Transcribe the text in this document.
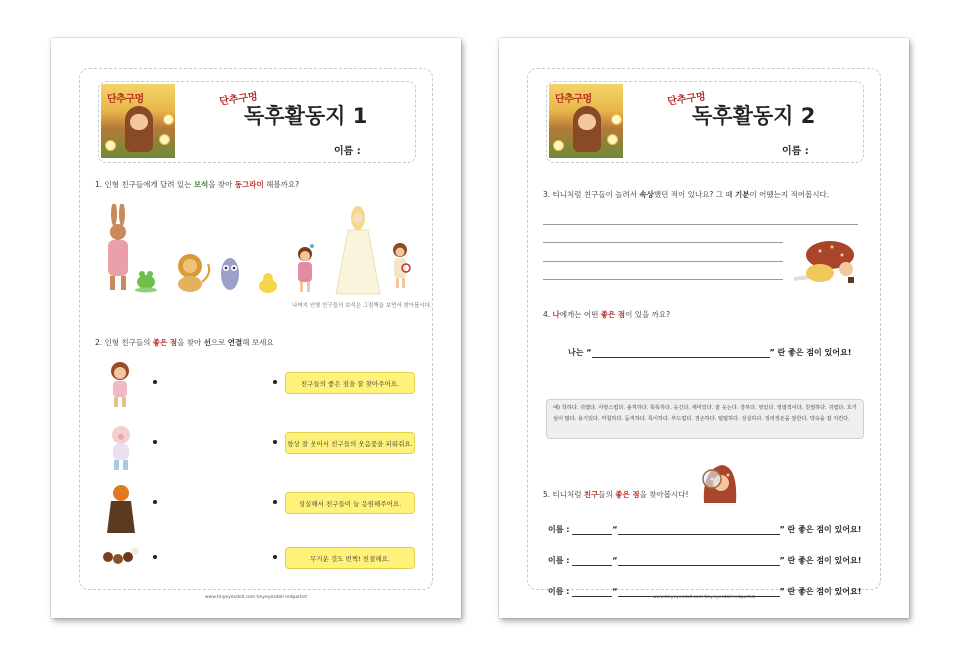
단추구멍	단추구멍
독후활동지 1
이름 :
1. 인형 친구들에게 달려 있는 보석을 찾아 동그라미 해볼까요?
나머지 인형 친구들의 보석은 그림책을 보면서 찾아봅시다.
2. 인형 친구들의 좋은 점을 찾아 선으로 연결해 보세요
친구들의 좋은 점을 잘 찾아주어요.
항상 잘 웃어서 친구들의 웃음꽃을 피워줘요.
성실해서 친구들이 늘 응원해주어요.
무거운 것도 번쩍! 친절해요.
www.tinyeyesdoll.com tinyeyesdoll redpartist
단추구멍	단추구멍
독후활동지 2
이름 :
3. 티니처럼 친구들이 놀려서 속상했던 적이 있나요? 그 때 기분이 어땠는지 적어봅시다.
4. 나에게는 어떤 좋은 점이 있을 까요?
나는 “	” 란 좋은 점이 있어요!
예) 착하다. 귀엽다. 사랑스럽다. 솔직하다. 똑똑하다. 웃긴다. 재미있다. 잘 웃는다. 강하다. 멋있다. 정열적이다. 친절하다. 귀엽다. 호기심이 많다. 용기있다. 까칠하다. 듬직하다. 특이하다. 부드럽다. 겸손하다. 털털하다. 성실하다. 정리정돈을 잘한다. 약속을 잘 지킨다.
5. 티니처럼 친구들의 좋은 점을 찾아봅시다!
이름 :	“	” 란 좋은 점이 있어요!
이름 :	“	” 란 좋은 점이 있어요!
이름 :	“	” 란 좋은 점이 있어요!
www.tinyeyesdoll.com tinyeyesdoll redpartist
